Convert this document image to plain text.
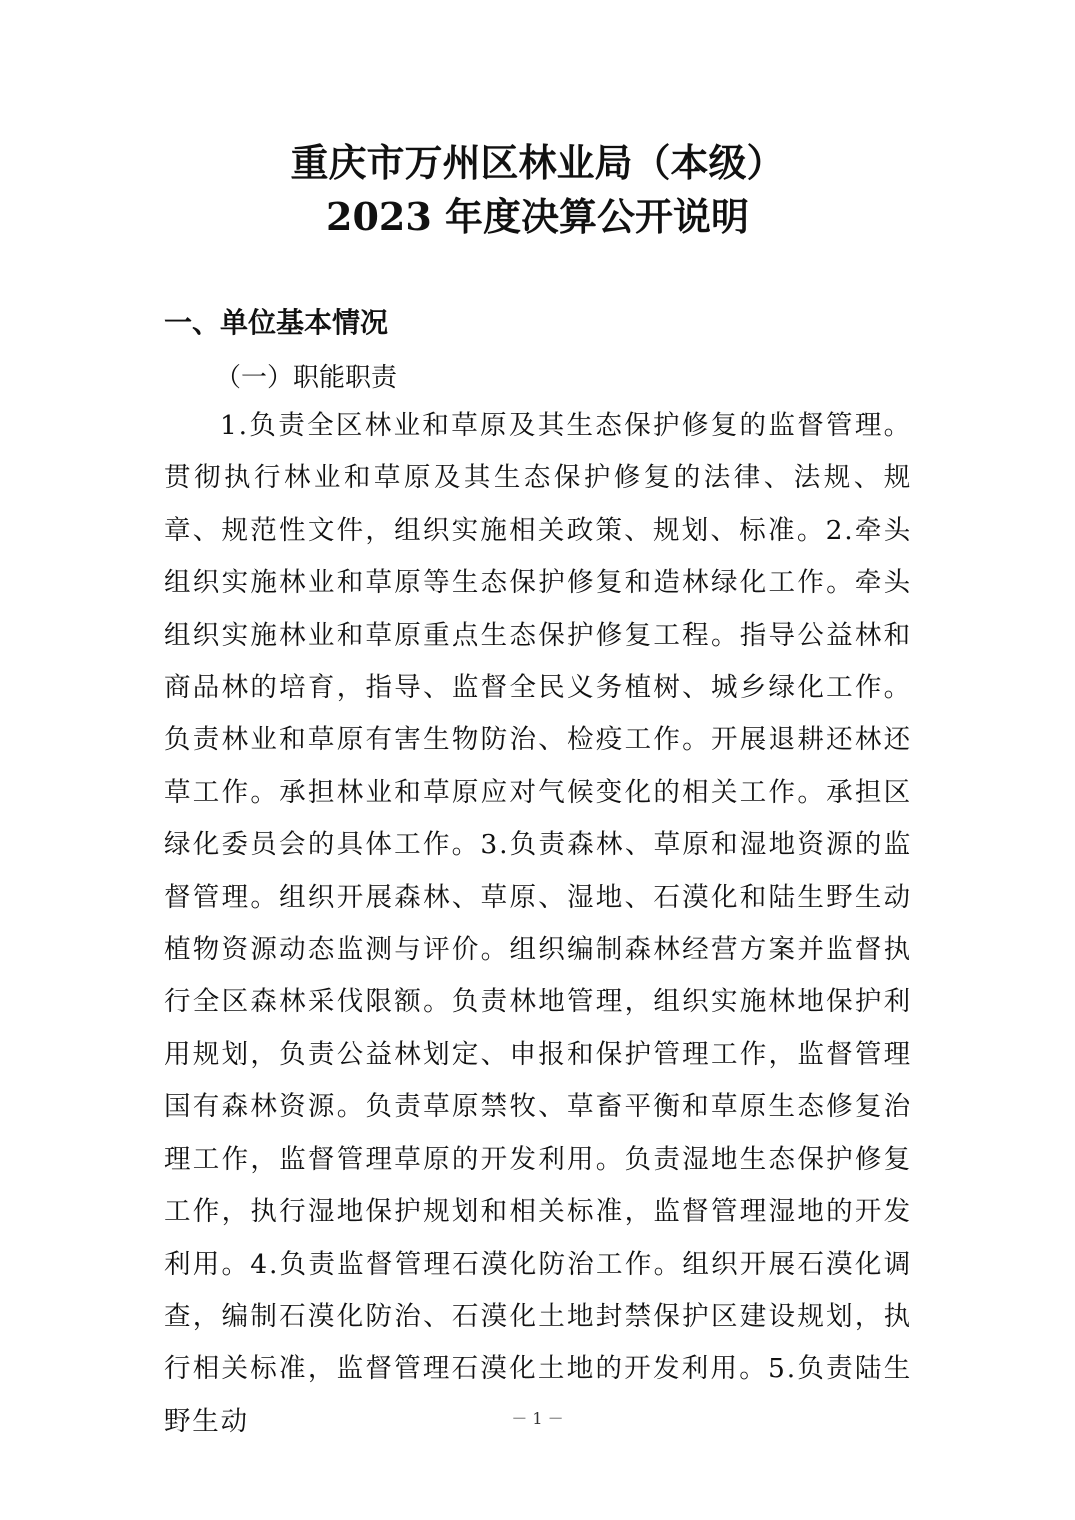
重庆市万州区林业局（本级）
2023 年度决算公开说明
一、单位基本情况
（一）职能职责

1.负责全区林业和草原及其生态保护修复的监督管理。贯彻执行林业和草原及其生态保护修复的法律、法规、规章、规范性文件，组织实施相关政策、规划、标准。2.牵头组织实施林业和草原等生态保护修复和造林绿化工作。牵头组织实施林业和草原重点生态保护修复工程。指导公益林和商品林的培育，指导、监督全民义务植树、城乡绿化工作。负责林业和草原有害生物防治、检疫工作。开展退耕还林还草工作。承担林业和草原应对气候变化的相关工作。承担区绿化委员会的具体工作。3.负责森林、草原和湿地资源的监督管理。组织开展森林、草原、湿地、石漠化和陆生野生动植物资源动态监测与评价。组织编制森林经营方案并监督执行全区森林采伐限额。负责林地管理，组织实施林地保护利用规划，负责公益林划定、申报和保护管理工作，监督管理国有森林资源。负责草原禁牧、草畜平衡和草原生态修复治理工作，监督管理草原的开发利用。负责湿地生态保护修复工作，执行湿地保护规划和相关标准，监督管理湿地的开发利用。4.负责监督管理石漠化防治工作。组织开展石漠化调查，编制石漠化防治、石漠化土地封禁保护区建设规划，执行相关标准，监督管理石漠化土地的开发利用。5.负责陆生野生动	－ 1 －
